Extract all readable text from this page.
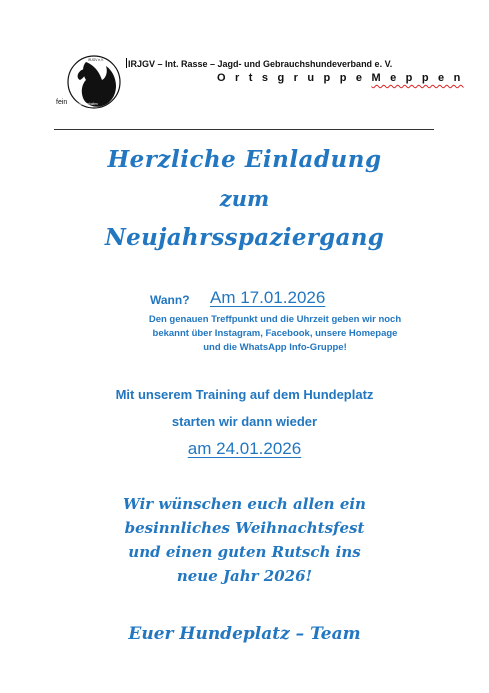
IRJGV e.V.
fein	Sozialverhalten
IRJGV – Int. Rasse – Jagd- und Gebrauchshundeverband e. V.
O r t s g r u p p e M e p p e n
Herzliche Einladung
zum
Neujahrsspaziergang
Wann? Am 17.01.2026
Den genauen Treffpunkt und die Uhrzeit geben wir noch
bekannt über Instagram, Facebook, unsere Homepage
und die WhatsApp Info-Gruppe!
Mit unserem Training auf dem Hundeplatz
starten wir dann wieder
am 24.01.2026
Wir wünschen euch allen ein
besinnliches Weihnachtsfest
und einen guten Rutsch ins
neue Jahr 2026!
Euer Hundeplatz – Team
